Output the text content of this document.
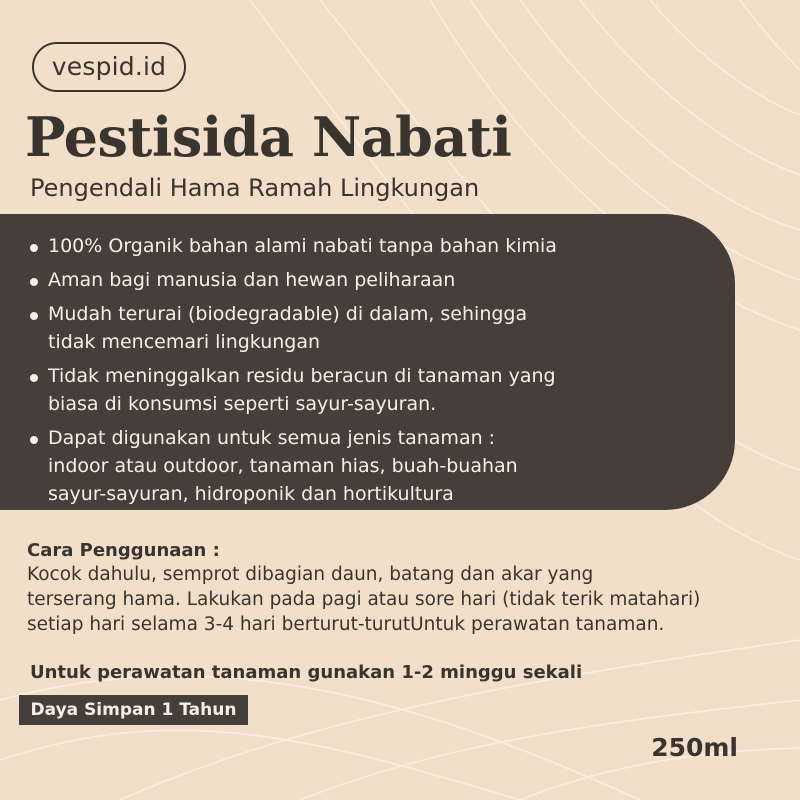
vespid.id
Pestisida Nabati
Pengendali Hama Ramah Lingkungan
100% Organik bahan alami nabati tanpa bahan kimia
Aman bagi manusia dan hewan peliharaan
Mudah terurai (biodegradable) di dalam, sehingga
tidak mencemari lingkungan
Tidak meninggalkan residu beracun di tanaman yang
biasa di konsumsi seperti sayur-sayuran.
Dapat digunakan untuk semua jenis tanaman :
indoor atau outdoor, tanaman hias, buah-buahan
sayur-sayuran, hidroponik dan hortikultura
Cara Penggunaan :
Kocok dahulu, semprot dibagian daun, batang dan akar yang
terserang hama. Lakukan pada pagi atau sore hari (tidak terik matahari)
setiap hari selama 3-4 hari berturut-turutUntuk perawatan tanaman.
Untuk perawatan tanaman gunakan 1-2 minggu sekali
Daya Simpan 1 Tahun
250ml
